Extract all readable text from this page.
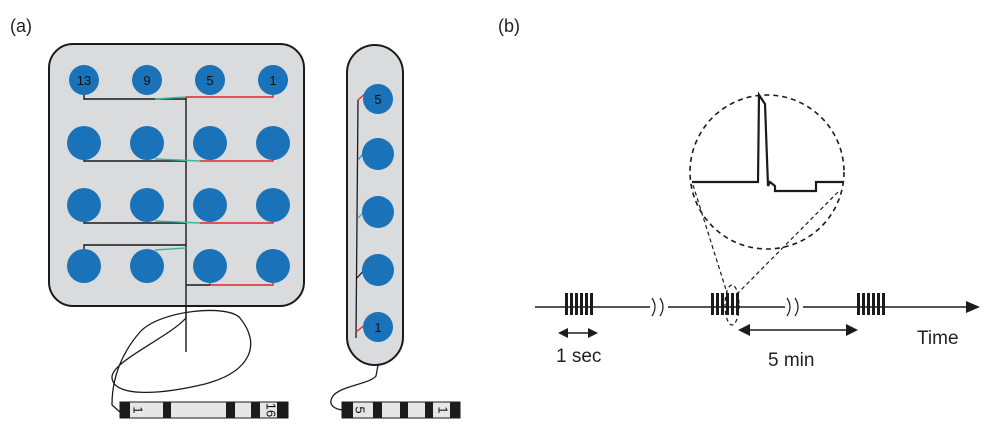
(a)
13	9	5	1
1	16
5
1
5	1
(b)
Time
1 sec	5 min
